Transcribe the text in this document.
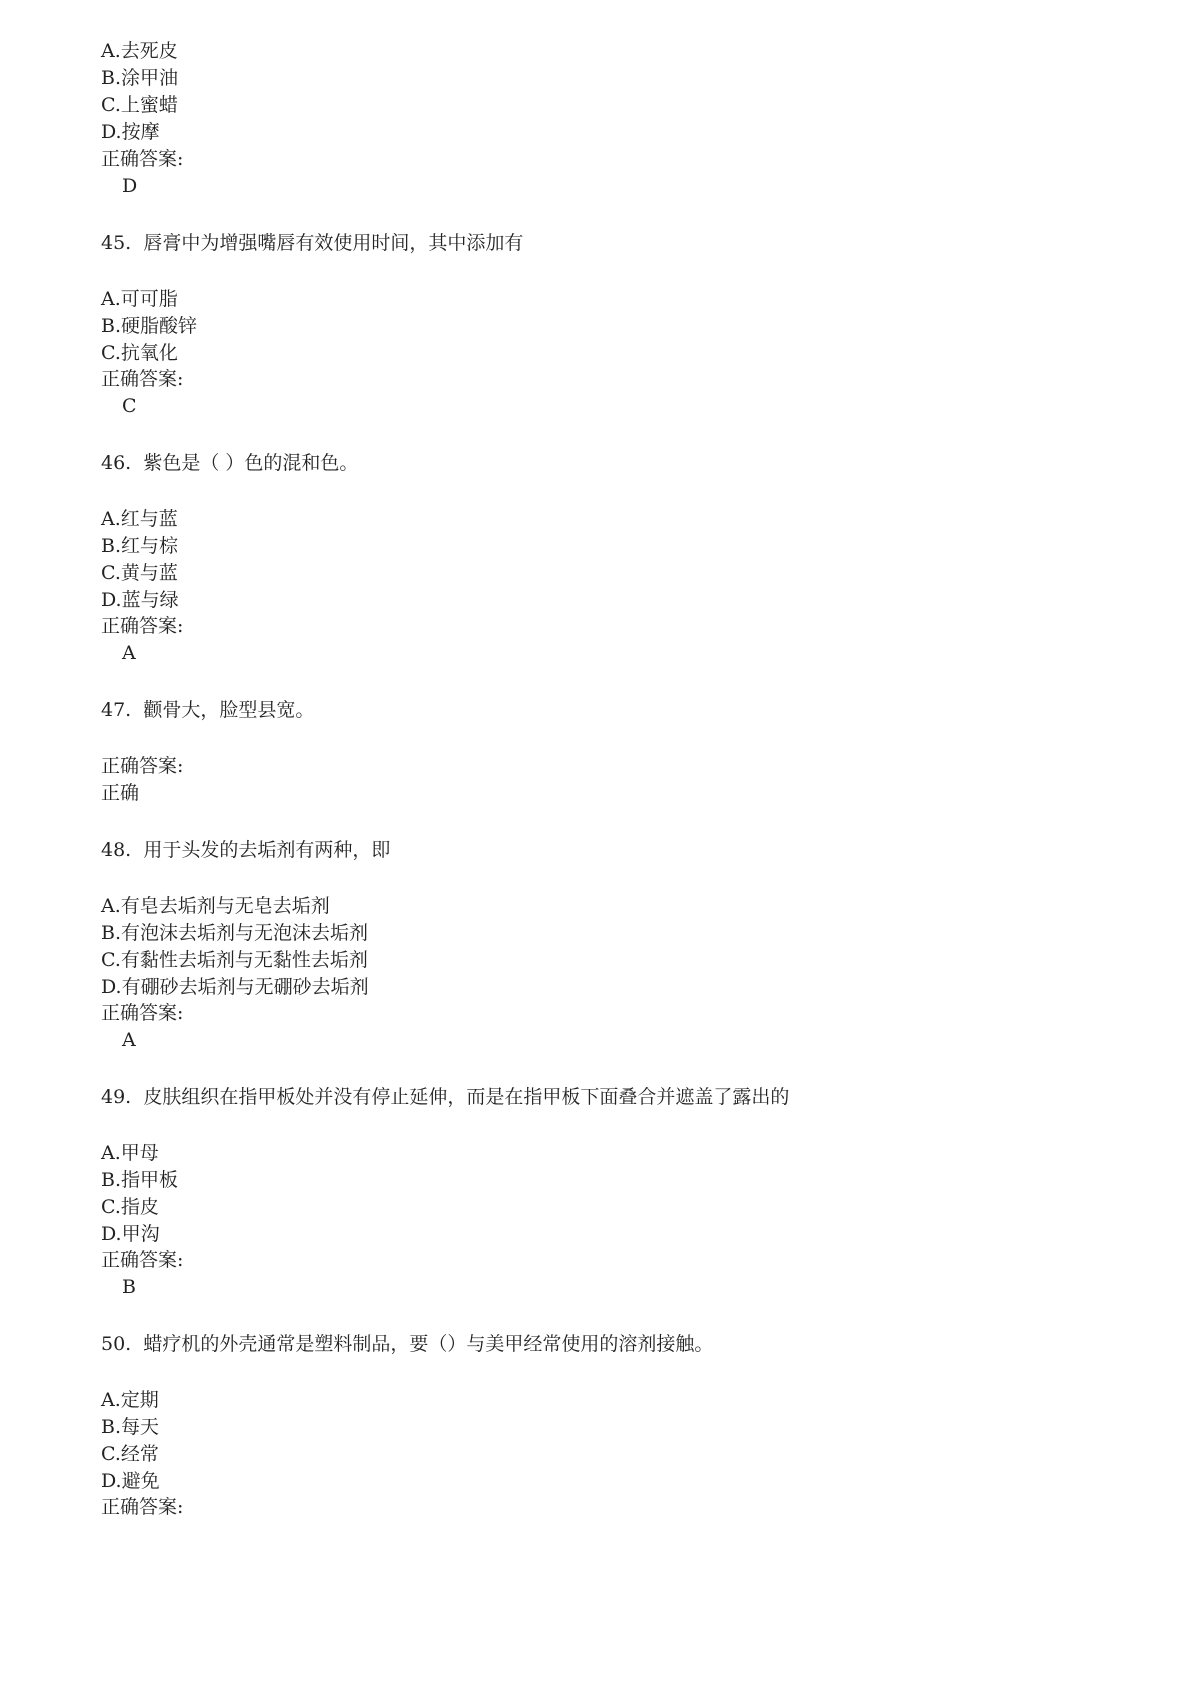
A.去死皮
B.涂甲油
C.上蜜蜡
D.按摩
正确答案:
D
45. 唇膏中为增强嘴唇有效使用时间，其中添加有
A.可可脂
B.硬脂酸锌
C.抗氧化
正确答案:
C
46. 紫色是（ ）色的混和色。
A.红与蓝
B.红与棕
C.黄与蓝
D.蓝与绿
正确答案:
A
47. 颧骨大，脸型县宽。
正确答案:
正确
48. 用于头发的去垢剂有两种，即
A.有皂去垢剂与无皂去垢剂
B.有泡沫去垢剂与无泡沫去垢剂
C.有黏性去垢剂与无黏性去垢剂
D.有硼砂去垢剂与无硼砂去垢剂
正确答案:
A
49. 皮肤组织在指甲板处并没有停止延伸，而是在指甲板下面叠合并遮盖了露出的
A.甲母
B.指甲板
C.指皮
D.甲沟
正确答案:
B
50. 蜡疗机的外壳通常是塑料制品，要（）与美甲经常使用的溶剂接触。
A.定期
B.每天
C.经常
D.避免
正确答案:
